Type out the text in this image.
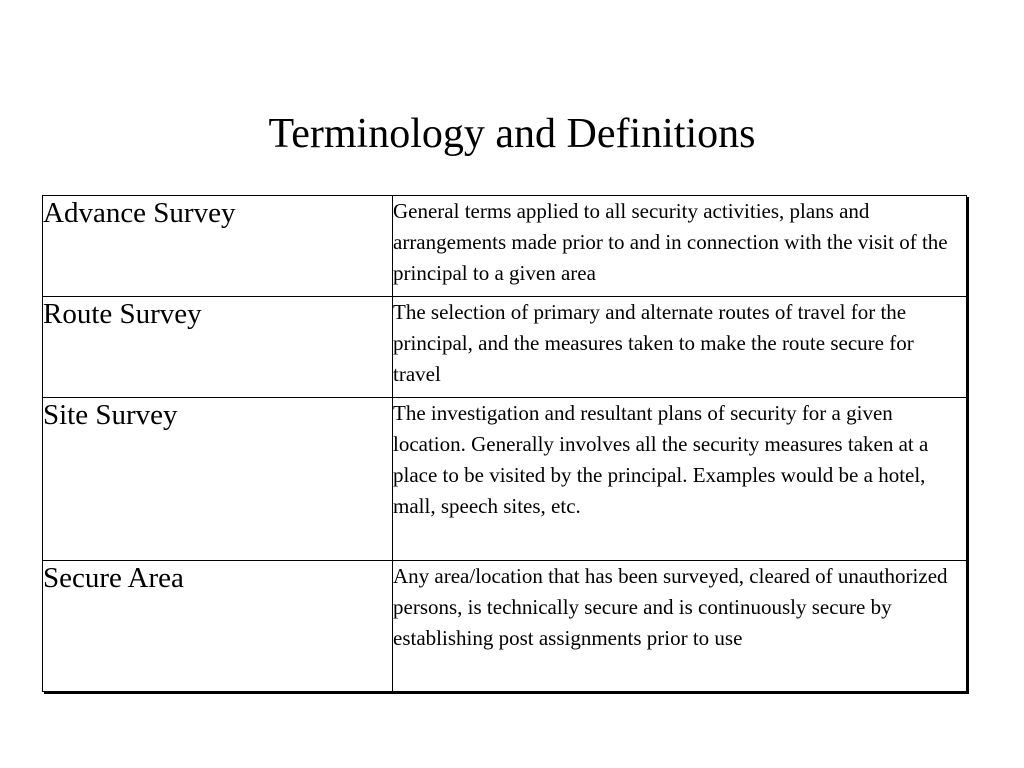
Terminology and Definitions
Advance Survey	General terms applied to all security activities, plans and arrangements made prior to and in connection with the visit of the principal to a given area
Route Survey	The selection of primary and alternate routes of travel for the principal, and the measures taken to make the route secure for travel
Site Survey	The investigation and resultant plans of security for a given location. Generally involves all the security measures taken at a place to be visited by the principal. Examples would be a hotel, mall, speech sites, etc.
Secure Area	Any area/location that has been surveyed, cleared of unauthorized persons, is technically secure and is continuously secure by establishing post assignments prior to use
